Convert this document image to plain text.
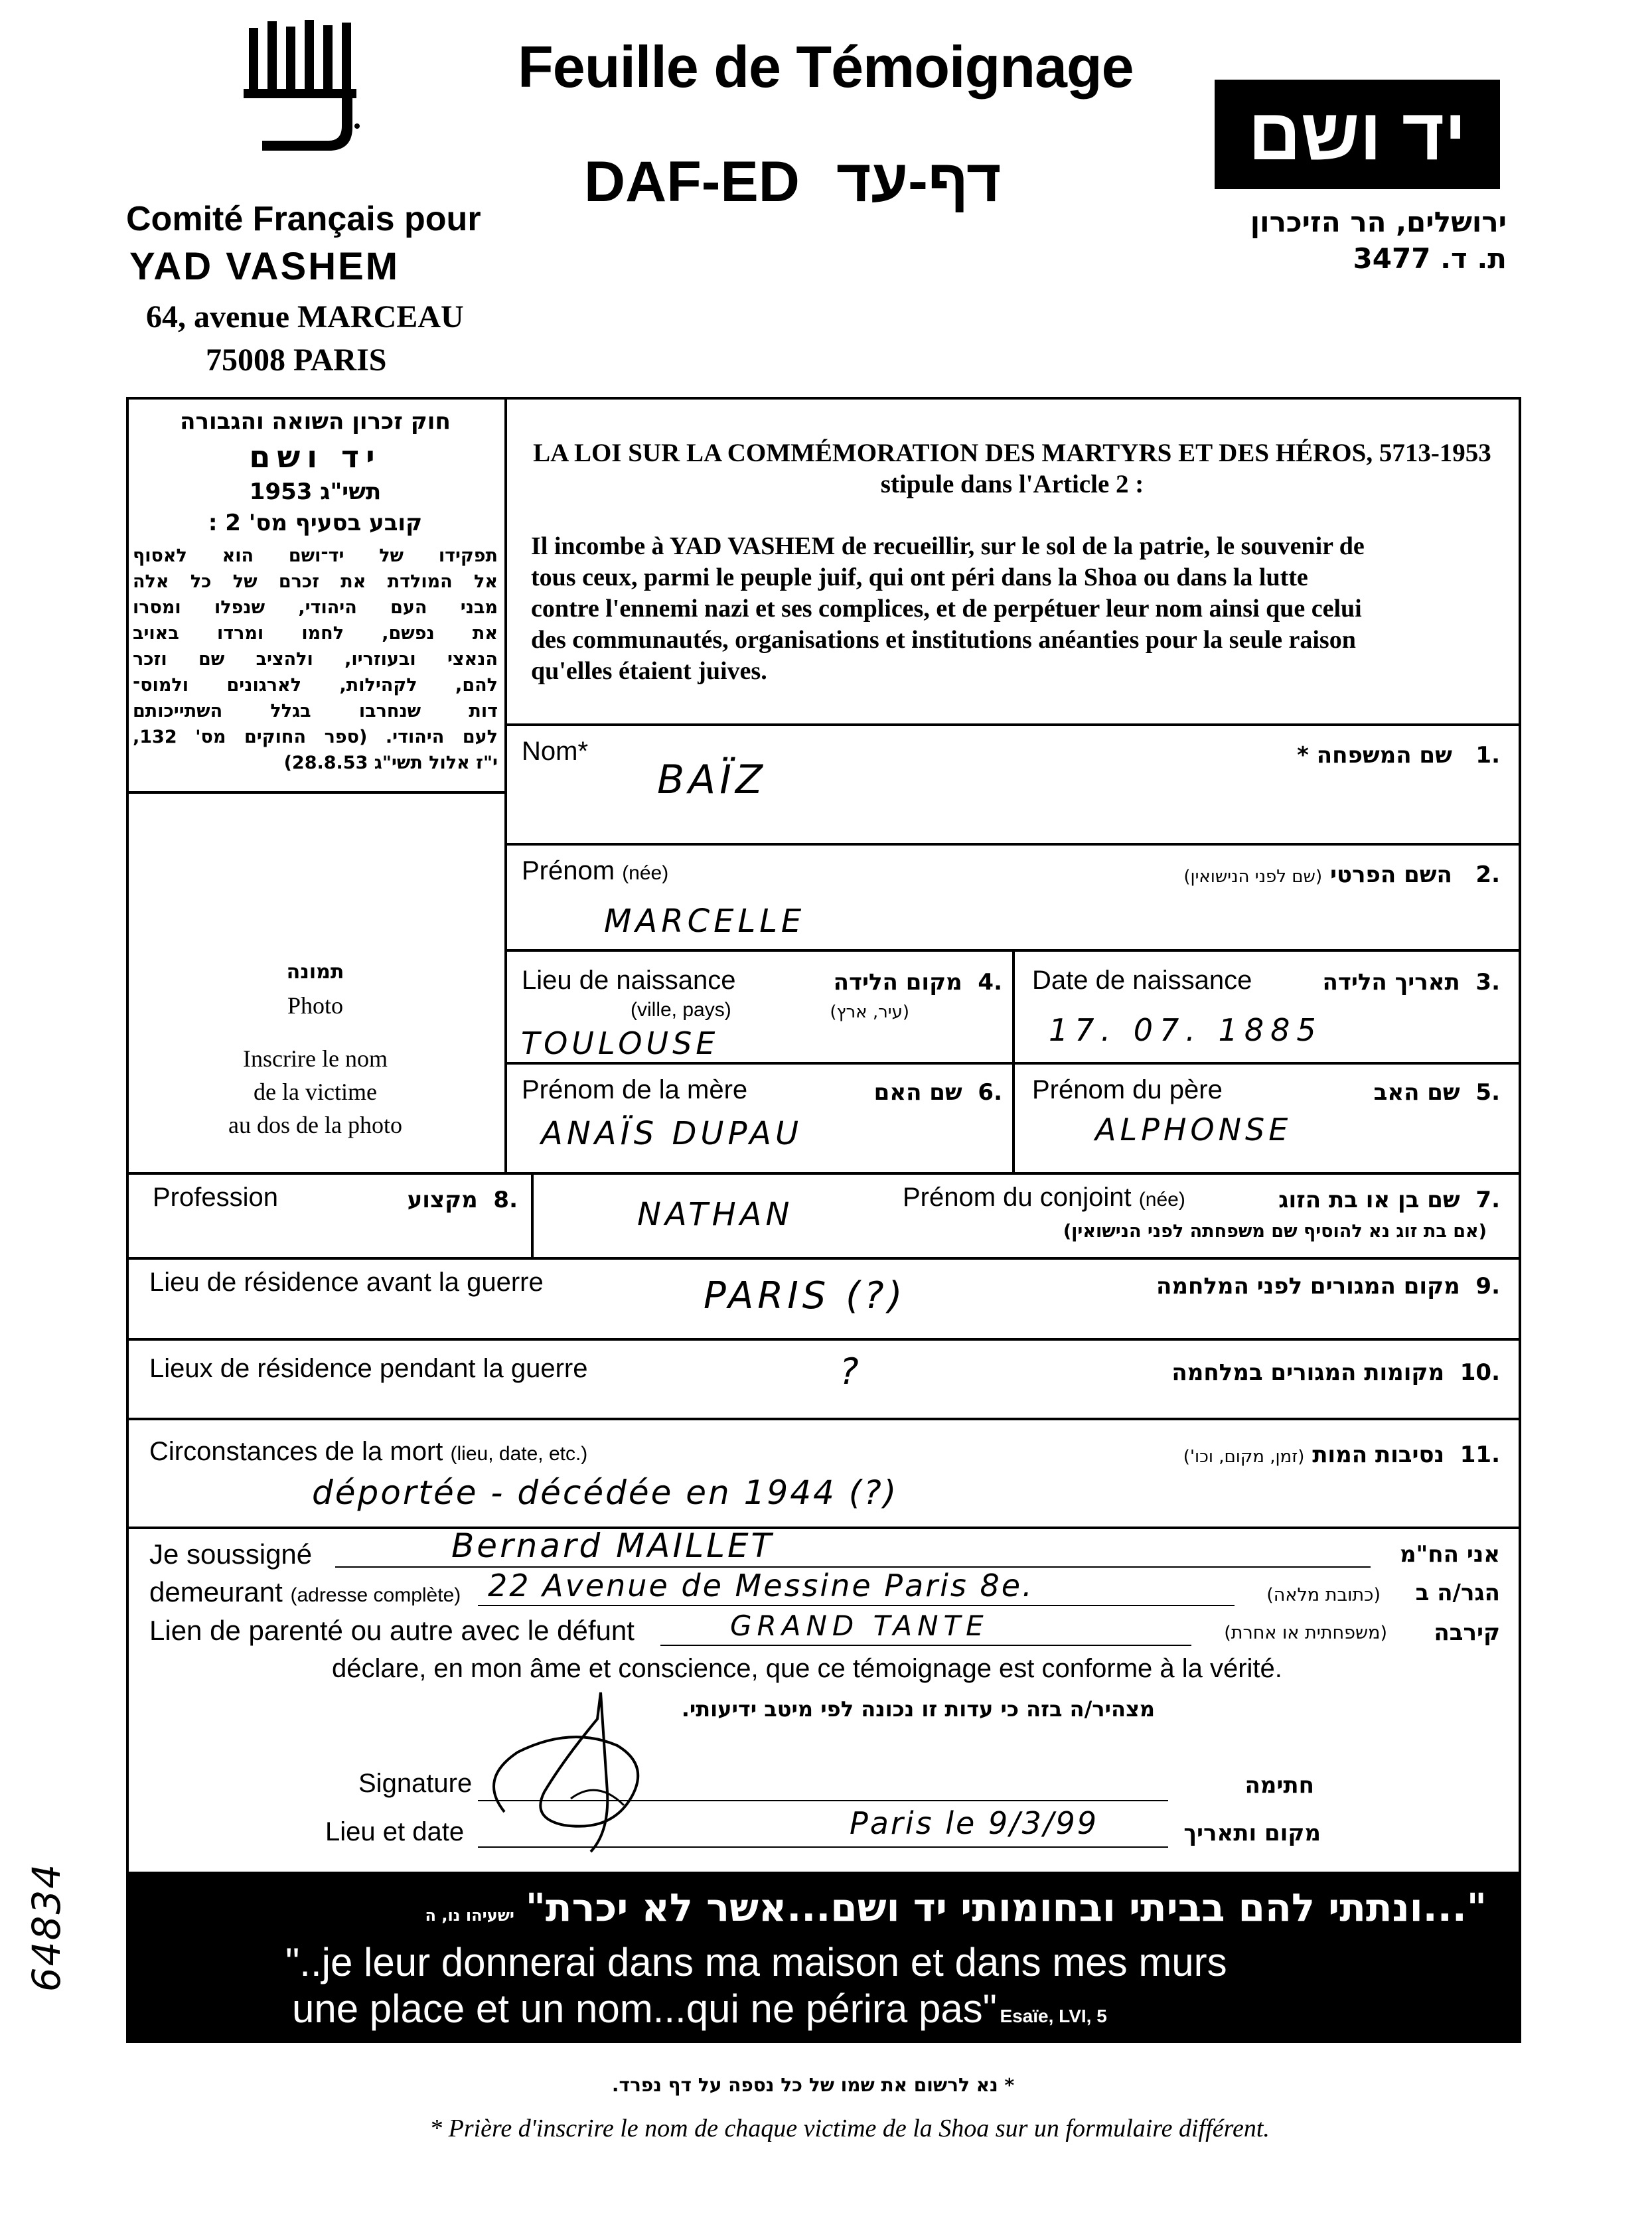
Comité Français pour
YAD VASHEM
64, avenue MARCEAU
75008 PARIS
Feuille de Témoignage
DAF-ED דף-עד
יד ושם
ירושלים, הר הזיכרון
ת. ד. 3477
חוק זכרון השואה והגבורה
יד ושם
תשי"ג 1953
קובע בסעיף מס' 2 :
תפקידו של יד־ושם הוא לאסוף
אל המולדת את זכרם של כל אלה
מבני העם היהודי, שנפלו ומסרו
את נפשם, לחמו ומרדו באויב
הנאצי ובעוזריו, ולהציב שם וזכר
להם, לקהילות, לארגונים ולמוס־
דות שנחרבו בגלל השתייכותם
לעם היהודי. (ספר החוקים מס' 132,
י"ז אלול תשי"ג 28.8.53)
LA LOI SUR LA COMMÉMORATION DES MARTYRS ET DES HÉROS, 5713-1953
stipule dans l'Article 2 :
Il incombe à YAD VASHEM de recueillir, sur le sol de la patrie, le souvenir de
tous ceux, parmi le peuple juif, qui ont péri dans la Shoa ou dans la lutte
contre l'ennemi nazi et ses complices, et de perpétuer leur nom ainsi que celui
des communautés, organisations et institutions anéanties pour la seule raison
qu'elles étaient juives.
תמונה
Photo
Inscrire le nom
de la victime
au dos de la photo
Nom*	.1   שם המשפחה *
BAÏZ
Prénom (née)	.2   השם הפרטי (שם לפני הנישואין)
MARCELLE
Lieu de naissance
(ville, pays)
.4  מקום הלידה
(עיר, ארץ)
TOULOUSE
Date de naissance	.3  תאריך הלידה
17. 07. 1885
Prénom de la mère	.6  שם האם
ANAÏS DUPAU
Prénom du père	.5  שם האב
ALPHONSE
Profession	.8  מקצוע	Prénom du conjoint (née)	.7  שם בן או בת הזוג
(אם בת זוג נא להוסיף שם משפחתה לפני הנישואין)
NATHAN
Lieu de résidence avant la guerre	.9  מקום המגורים לפני המלחמה
PARIS (?)
Lieux de résidence pendant la guerre	.10  מקומות המגורים במלחמה
?
Circonstances de la mort (lieu, date, etc.)	.11  נסיבות המות (זמן, מקום, וכו')
déportée - décédée en 1944 (?)
Je soussigné	Bernard MAILLET	אני הח"מ
demeurant (adresse complète) 22 Avenue de Messine Paris 8e.	(כתובת מלאה)	הגר/ה ב
Lien de parenté ou autre avec le défunt	GRAND TANTE	(משפחתית או אחרת)	קירבה
déclare, en mon âme et conscience, que ce témoignage est conforme à la vérité.
מצהיר/ה בזה כי עדות זו נכונה לפי מיטב ידיעותי.
Signature	חתימה
Lieu et date	Paris le 9/3/99	מקום ותאריך
"...ונתתי להם בביתי ובחומותי יד ושם...אשר לא יכרת"   ישעיהו נו, ה
"..je leur donnerai dans ma maison et dans mes murs
une place et un nom...qui ne périra pas" Esaïe, LVI, 5
* נא לרשום את שמו של כל נספה על דף נפרד.
* Prière d'inscrire le nom de chaque victime de la Shoa sur un formulaire différent.
64834
